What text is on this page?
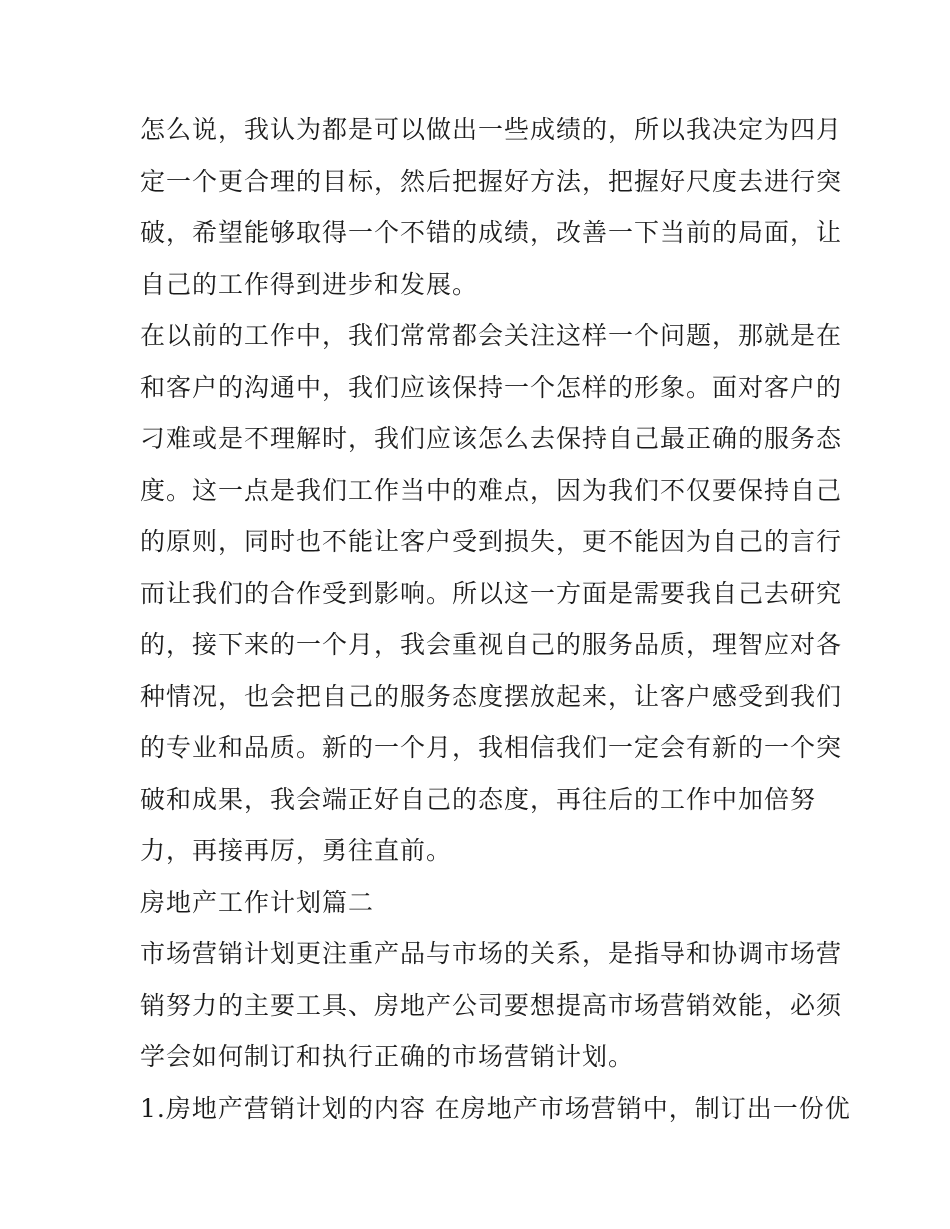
怎么说，我认为都是可以做出一些成绩的，所以我决定为四月
定一个更合理的目标，然后把握好方法，把握好尺度去进行突
破，希望能够取得一个不错的成绩，改善一下当前的局面，让
自己的工作得到进步和发展。
在以前的工作中，我们常常都会关注这样一个问题，那就是在
和客户的沟通中，我们应该保持一个怎样的形象。面对客户的
刁难或是不理解时，我们应该怎么去保持自己最正确的服务态
度。这一点是我们工作当中的难点，因为我们不仅要保持自己
的原则，同时也不能让客户受到损失，更不能因为自己的言行
而让我们的合作受到影响。所以这一方面是需要我自己去研究
的，接下来的一个月，我会重视自己的服务品质，理智应对各
种情况，也会把自己的服务态度摆放起来，让客户感受到我们
的专业和品质。新的一个月，我相信我们一定会有新的一个突
破和成果，我会端正好自己的态度，再往后的工作中加倍努
力，再接再厉，勇往直前。
房地产工作计划篇二
市场营销计划更注重产品与市场的关系，是指导和协调市场营
销努力的主要工具、房地产公司要想提高市场营销效能，必须
学会如何制订和执行正确的市场营销计划。
1.房地产营销计划的内容 在房地产市场营销中，制订出一份优
